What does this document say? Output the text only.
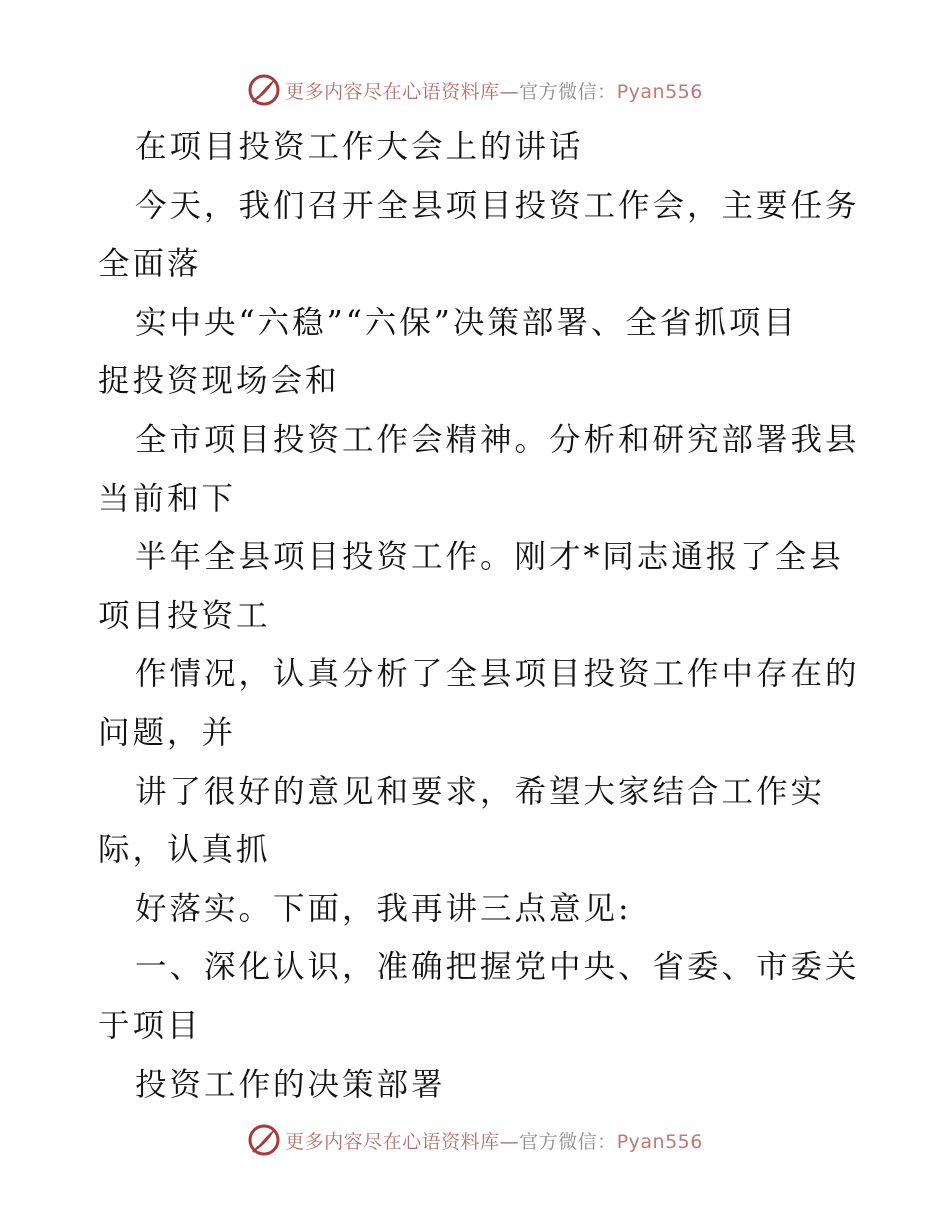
更多内容尽在心语资料库—官方微信：Pyan556
在项目投资工作大会上的讲话
今天，我们召开全县项目投资工作会，主要任务
全面落
实中央“六稳”“六保”决策部署、全省抓项目
捉投资现场会和
全市项目投资工作会精神。分析和研究部署我县
当前和下
半年全县项目投资工作。刚才*同志通报了全县
项目投资工
作情况，认真分析了全县项目投资工作中存在的
问题，并
讲了很好的意见和要求，希望大家结合工作实
际，认真抓
好落实。下面，我再讲三点意见:
一、深化认识，准确把握党中央、省委、市委关
于项目
投资工作的决策部署
更多内容尽在心语资料库—官方微信：Pyan556
